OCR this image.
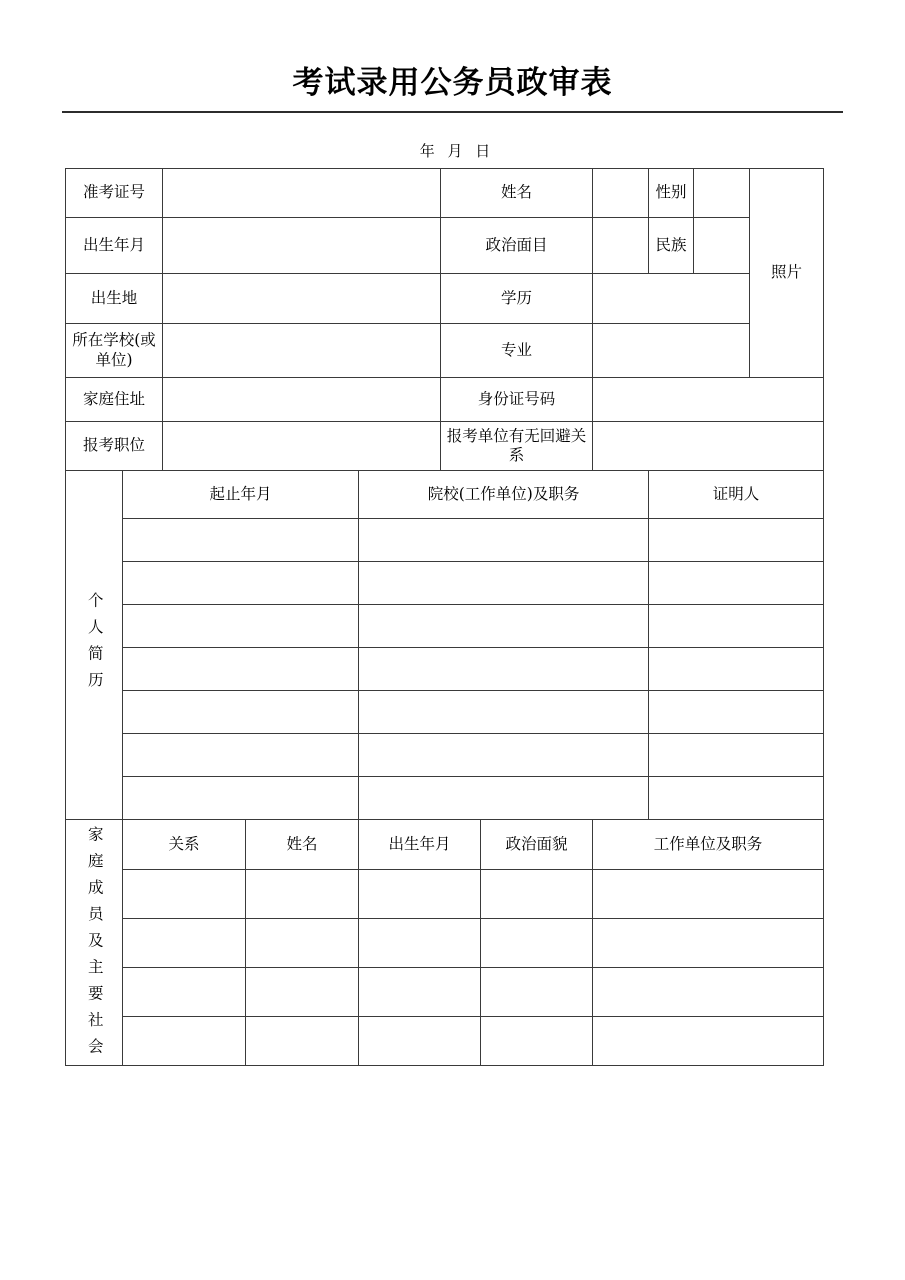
考试录用公务员政审表
年 月 日
准考证号					姓名			性别		照片
出生年月					政治面目			民族		
出生地					学历					
所在学校(或单位)					专业					
家庭住址					身份证号码					
报考职位					报考单位有无回避关系					

个人简历	起止年月			院校(工作单位)及职务				证明人		

家庭成员及主要社会	关系		姓名	出生年月		政治面貌	工作单位及职务			
